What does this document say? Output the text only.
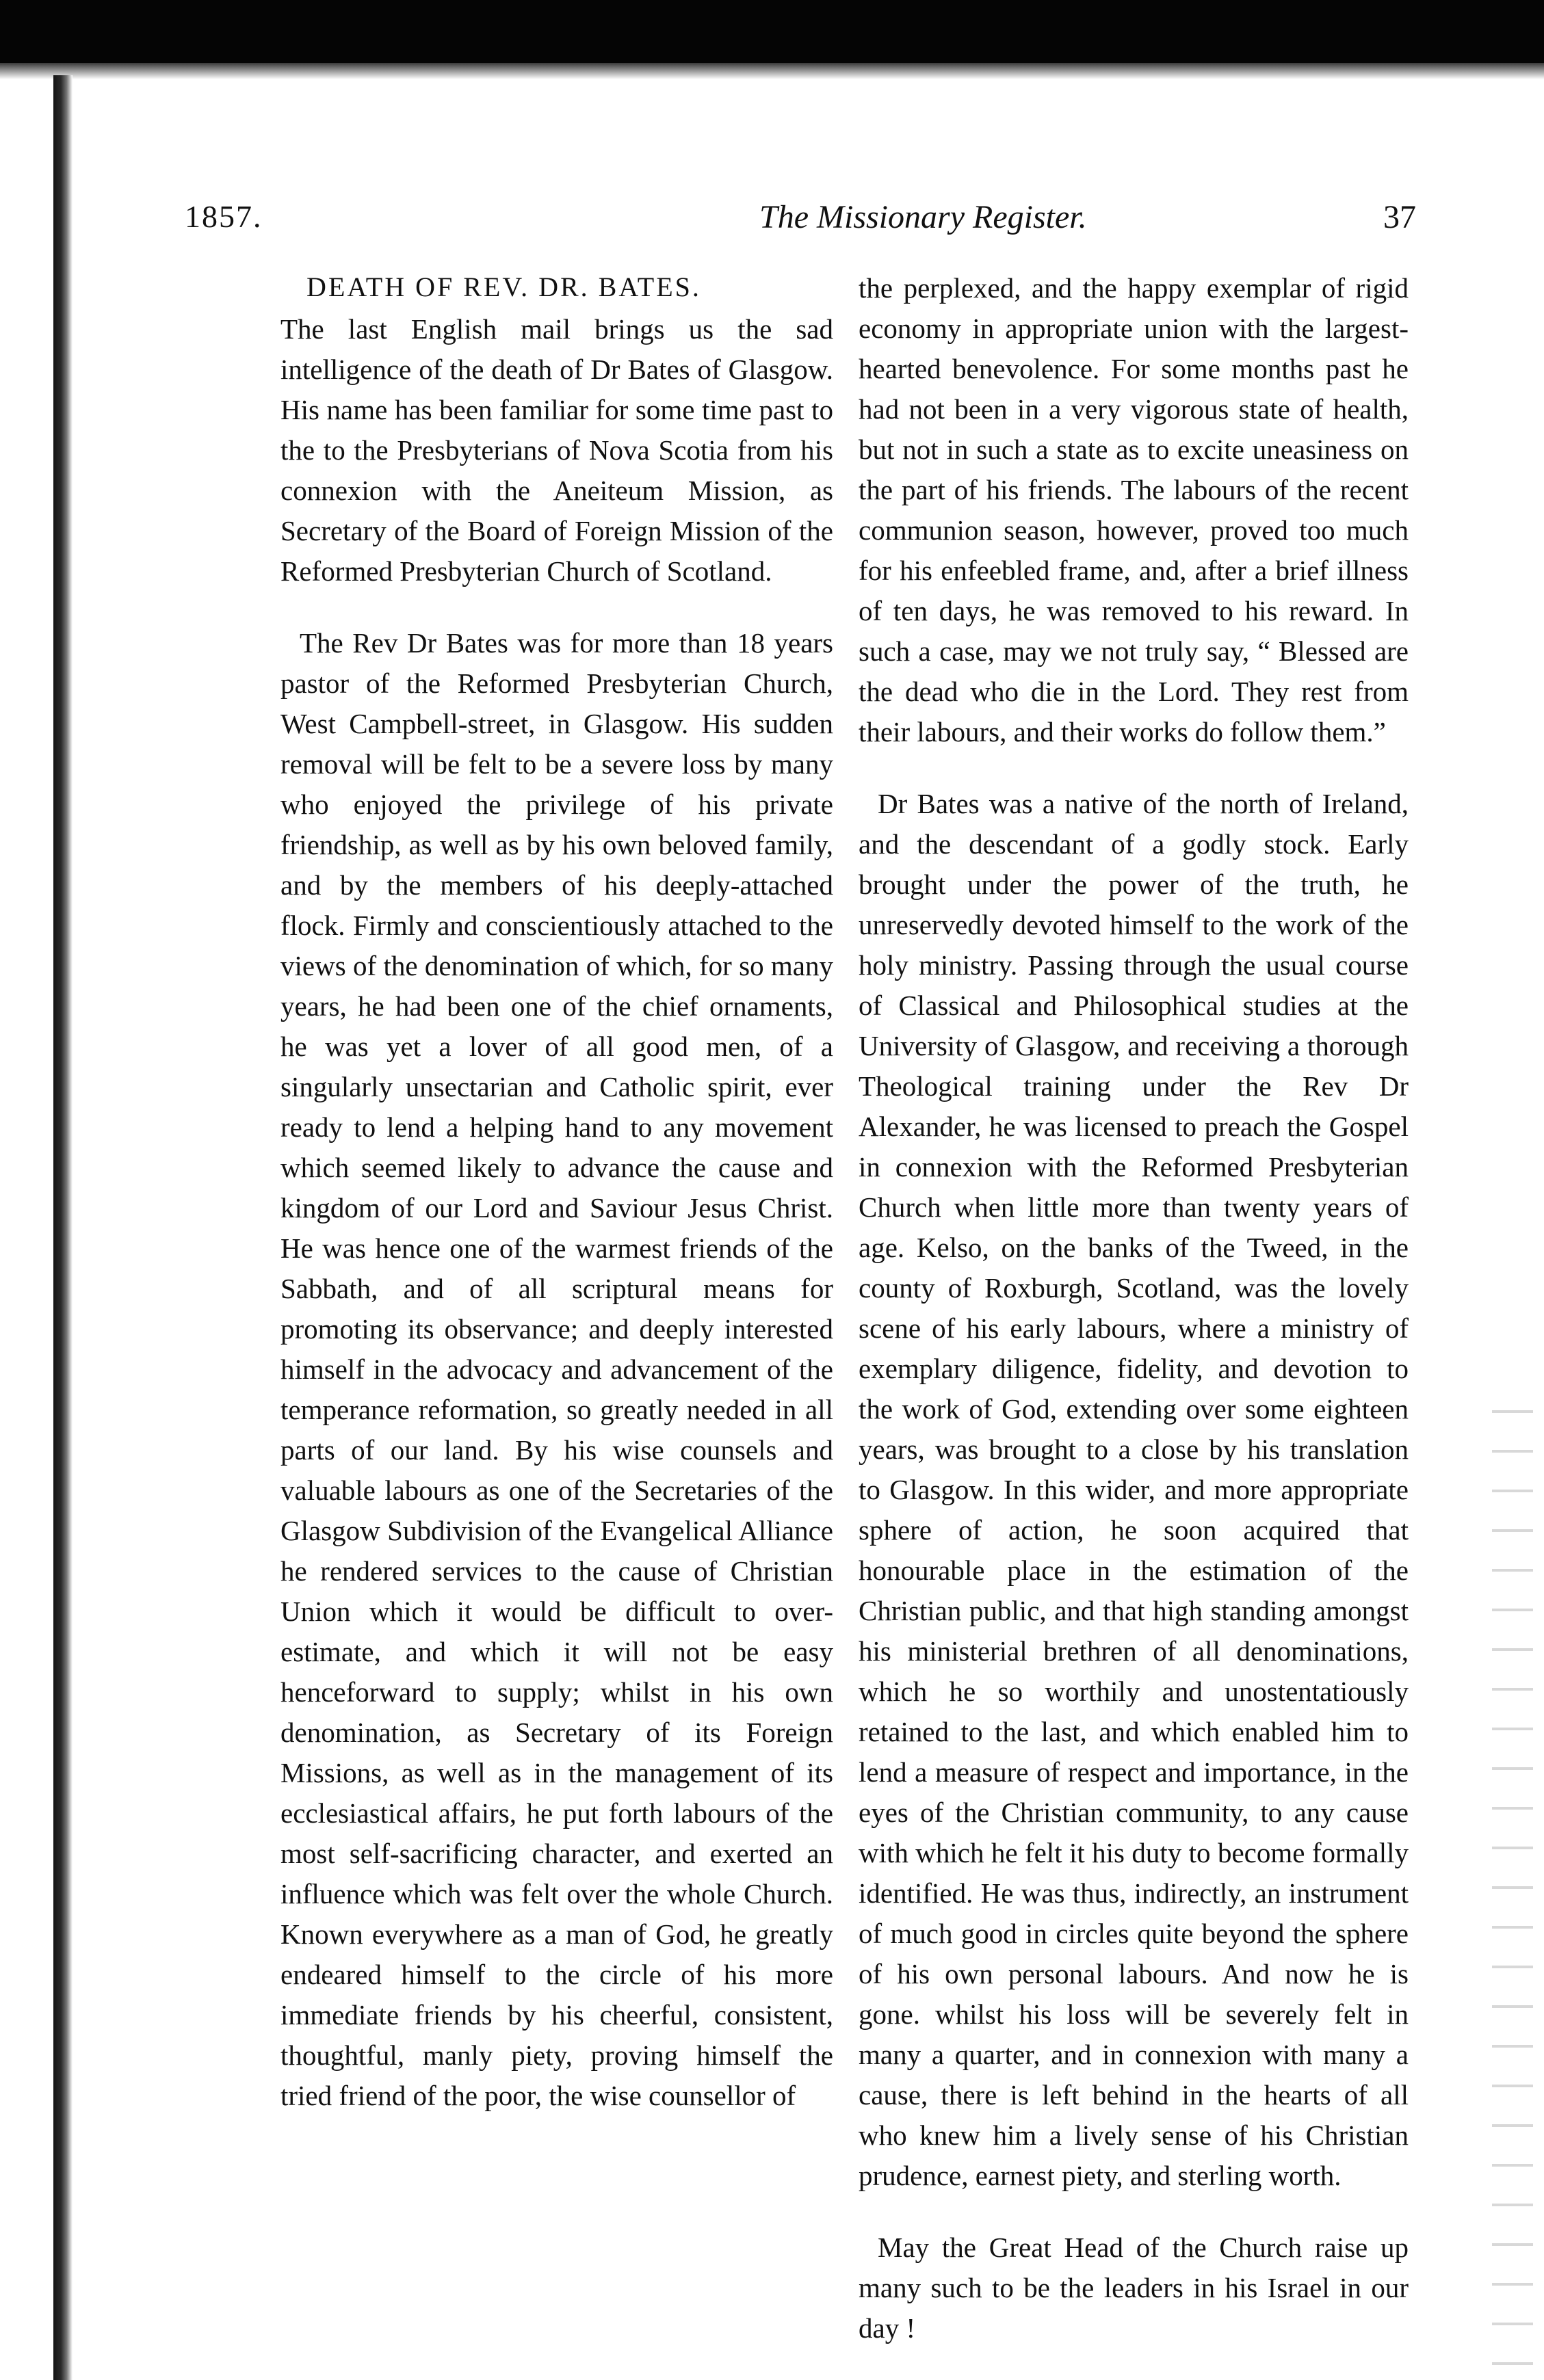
1857.	The Missionary Register.	37
DEATH OF REV. DR. BATES.

The last English mail brings us the sad intelligence of the death of Dr Bates of Glasgow. His name has been familiar for some time past to the to the Presbyterians of Nova Scotia from his connexion with the Aneiteum Mission, as Secretary of the Board of Foreign Mission of the Reformed Presbyterian Church of Scotland.

The Rev Dr Bates was for more than 18 years pastor of the Reformed Presbyterian Church, West Campbell-street, in Glasgow. His sudden removal will be felt to be a severe loss by many who enjoyed the privilege of his private friendship, as well as by his own beloved family, and by the members of his deeply-attached flock. Firmly and conscientiously attached to the views of the denomination of which, for so many years, he had been one of the chief ornaments, he was yet a lover of all good men, of a singularly unsectarian and Catholic spirit, ever ready to lend a helping hand to any movement which seemed likely to advance the cause and kingdom of our Lord and Saviour Jesus Christ. He was hence one of the warmest friends of the Sabbath, and of all scriptural means for promoting its observance; and deeply interested himself in the advocacy and advancement of the temperance reformation, so greatly needed in all parts of our land. By his wise counsels and valuable labours as one of the Secretaries of the Glasgow Subdivision of the Evangelical Alliance he rendered services to the cause of Christian Union which it would be difficult to over-estimate, and which it will not be easy henceforward to supply; whilst in his own denomination, as Secretary of its Foreign Missions, as well as in the management of its ecclesiastical affairs, he put forth labours of the most self-sacrificing character, and exerted an influence which was felt over the whole Church. Known everywhere as a man of God, he greatly endeared himself to the circle of his more immediate friends by his cheerful, consistent, thoughtful, manly piety, proving himself the tried friend of the poor, the wise counsellor of

the perplexed, and the happy exemplar of rigid economy in appropriate union with the largest-hearted benevolence. For some months past he had not been in a very vigorous state of health, but not in such a state as to excite uneasiness on the part of his friends. The labours of the recent communion season, however, proved too much for his enfeebled frame, and, after a brief illness of ten days, he was removed to his reward. In such a case, may we not truly say, “ Blessed are the dead who die in the Lord. They rest from their labours, and their works do follow them.”

Dr Bates was a native of the north of Ireland, and the descendant of a godly stock. Early brought under the power of the truth, he unreservedly devoted himself to the work of the holy ministry. Passing through the usual course of Classical and Philosophical studies at the University of Glasgow, and receiving a thorough Theological training under the Rev Dr Alexander, he was licensed to preach the Gospel in connexion with the Reformed Presbyterian Church when little more than twenty years of age. Kelso, on the banks of the Tweed, in the county of Roxburgh, Scotland, was the lovely scene of his early labours, where a ministry of exemplary diligence, fidelity, and devotion to the work of God, extending over some eighteen years, was brought to a close by his translation to Glasgow. In this wider, and more appropriate sphere of action, he soon acquired that honourable place in the estimation of the Christian public, and that high standing amongst his ministerial brethren of all denominations, which he so worthily and unostentatiously retained to the last, and which enabled him to lend a measure of respect and importance, in the eyes of the Christian community, to any cause with which he felt it his duty to become formally identified. He was thus, indirectly, an instrument of much good in circles quite beyond the sphere of his own personal labours. And now he is gone. whilst his loss will be severely felt in many a quarter, and in connexion with many a cause, there is left behind in the hearts of all who knew him a lively sense of his Christian prudence, earnest piety, and sterling worth.

May the Great Head of the Church raise up many such to be the leaders in his Israel in our day !
